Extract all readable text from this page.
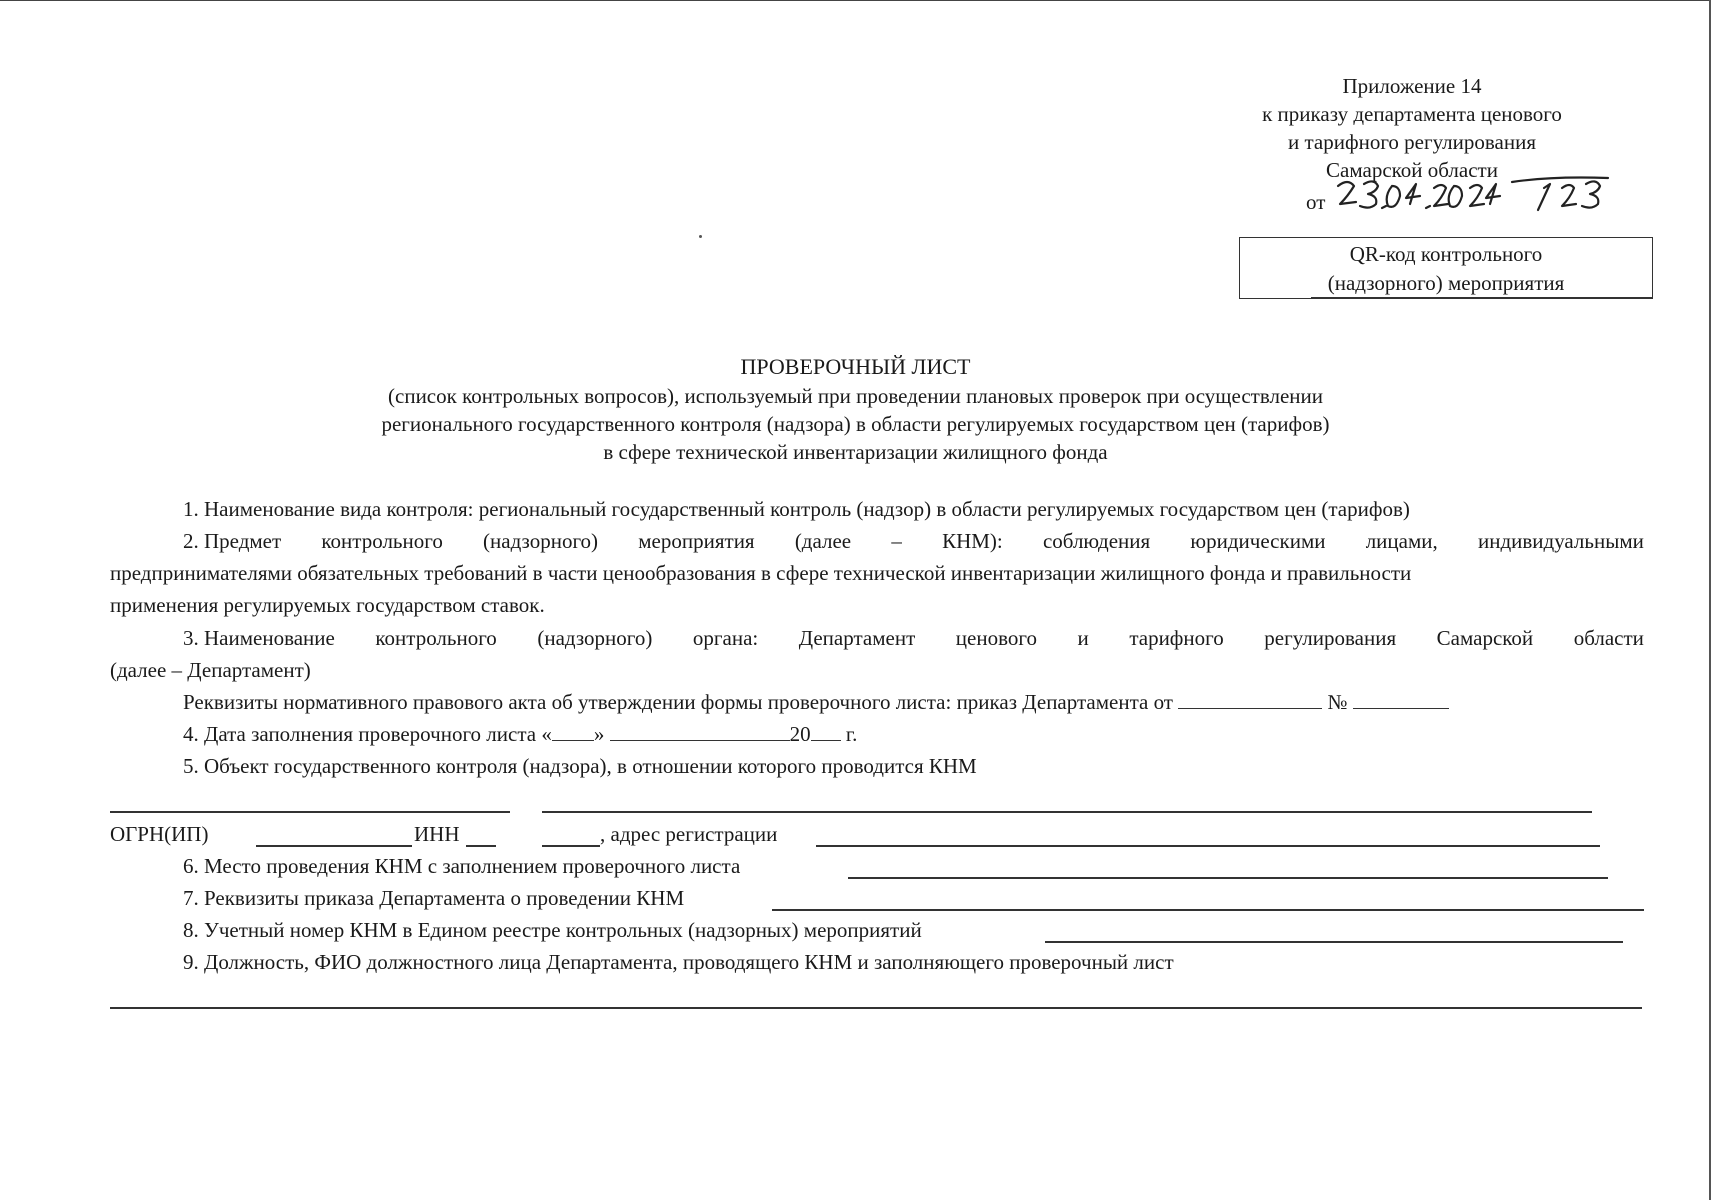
Приложение 14
к приказу департамента ценового
и тарифного регулирования
Самарской области
от
QR-код контрольного
(надзорного) мероприятия
ПРОВЕРОЧНЫЙ ЛИСТ
(список контрольных вопросов), используемый при проведении плановых проверок при осуществлении
регионального государственного контроля (надзора) в области регулируемых государством цен (тарифов)
в сфере технической инвентаризации жилищного фонда
1. Наименование вида контроля: региональный государственный контроль (надзор) в области регулируемых государством цен (тарифов)
2. Предмет контрольного (надзорного) мероприятия (далее – КНМ): соблюдения юридическими лицами, индивидуальными
предпринимателями обязательных требований в части ценообразования в сфере технической инвентаризации жилищного фонда и правильности
применения регулируемых государством ставок.
3. Наименование контрольного (надзорного) органа: Департамент ценового и тарифного регулирования Самарской области
(далее – Департамент)
Реквизиты нормативного правового акта об утверждении формы проверочного листа: приказ Департамента от	№
4. Дата заполнения проверочного листа « »	20 г.
5. Объект государственного контроля (надзора), в отношении которого проводится КНМ
ОГРН(ИП)	ИНН	, адрес регистрации
6. Место проведения КНМ с заполнением проверочного листа
7. Реквизиты приказа Департамента о проведении КНМ
8. Учетный номер КНМ в Едином реестре контрольных (надзорных) мероприятий
9. Должность, ФИО должностного лица Департамента, проводящего КНМ и заполняющего проверочный лист
